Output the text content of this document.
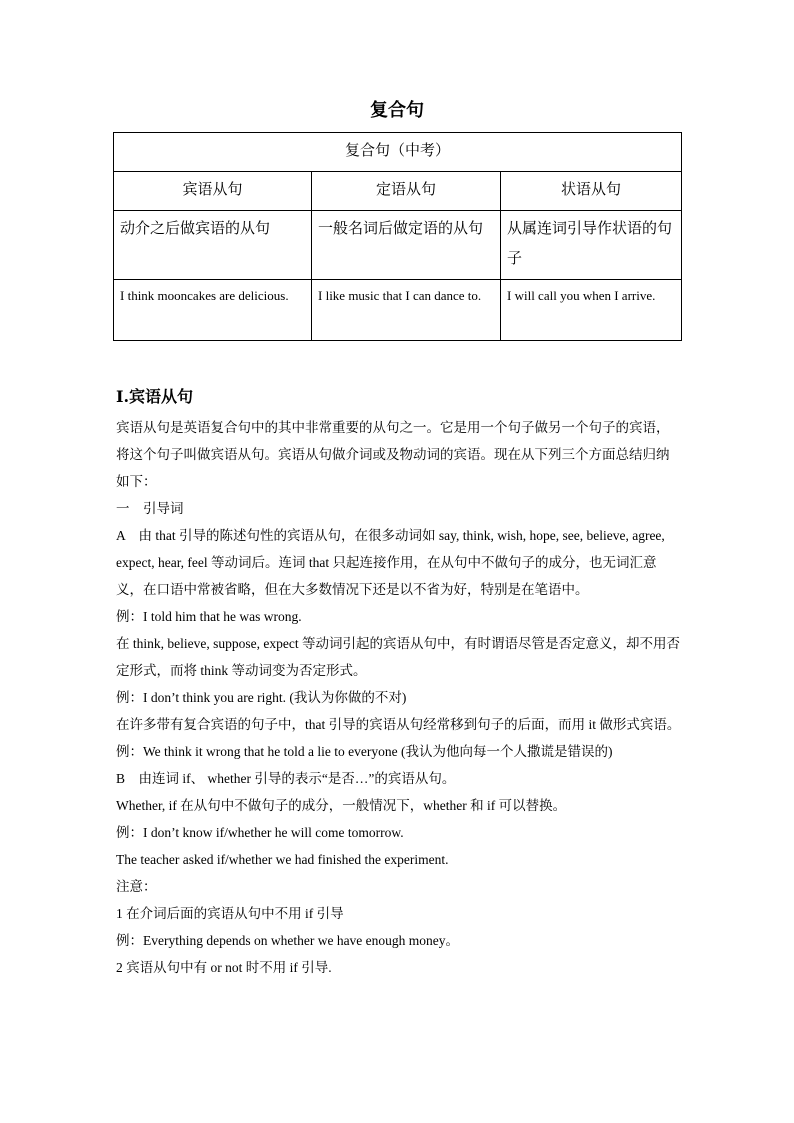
复合句
复合句（中考）		
宾语从句	定语从句	状语从句
动介之后做宾语的从句	一般名词后做定语的从句	从属连词引导作状语的句子
I think mooncakes are delicious.	I like music that I can dance to.	I will call you when I arrive.
I.宾语从句

宾语从句是英语复合句中的其中非常重要的从句之一。它是用一个句子做另一个句子的宾语，将这个句子叫做宾语从句。宾语从句做介词或及物动词的宾语。现在从下列三个方面总结归纳如下：

一　引导词

A　由 that 引导的陈述句性的宾语从句，在很多动词如 say, think, wish, hope, see, believe, agree, expect, hear, feel 等动词后。连词 that 只起连接作用，在从句中不做句子的成分，也无词汇意义，在口语中常被省略，但在大多数情况下还是以不省为好，特别是在笔语中。

例：I told him that he was wrong.

在 think, believe, suppose, expect 等动词引起的宾语从句中，有时谓语尽管是否定意义，却不用否定形式，而将 think 等动词变为否定形式。

例：I don’t think you are right. (我认为你做的不对)

在许多带有复合宾语的句子中，that 引导的宾语从句经常移到句子的后面，而用 it 做形式宾语。

例：We think it wrong that he told a lie to everyone (我认为他向每一个人撒谎是错误的)

B　由连词 if、 whether 引导的表示“是否…”的宾语从句。

Whether, if 在从句中不做句子的成分，一般情况下，whether 和 if 可以替换。

例：I don’t know if/whether he will come tomorrow.

The teacher asked if/whether we had finished the experiment.

注意：

1 在介词后面的宾语从句中不用 if 引导

例：Everything depends on whether we have enough money。

2 宾语从句中有 or not 时不用 if 引导.
